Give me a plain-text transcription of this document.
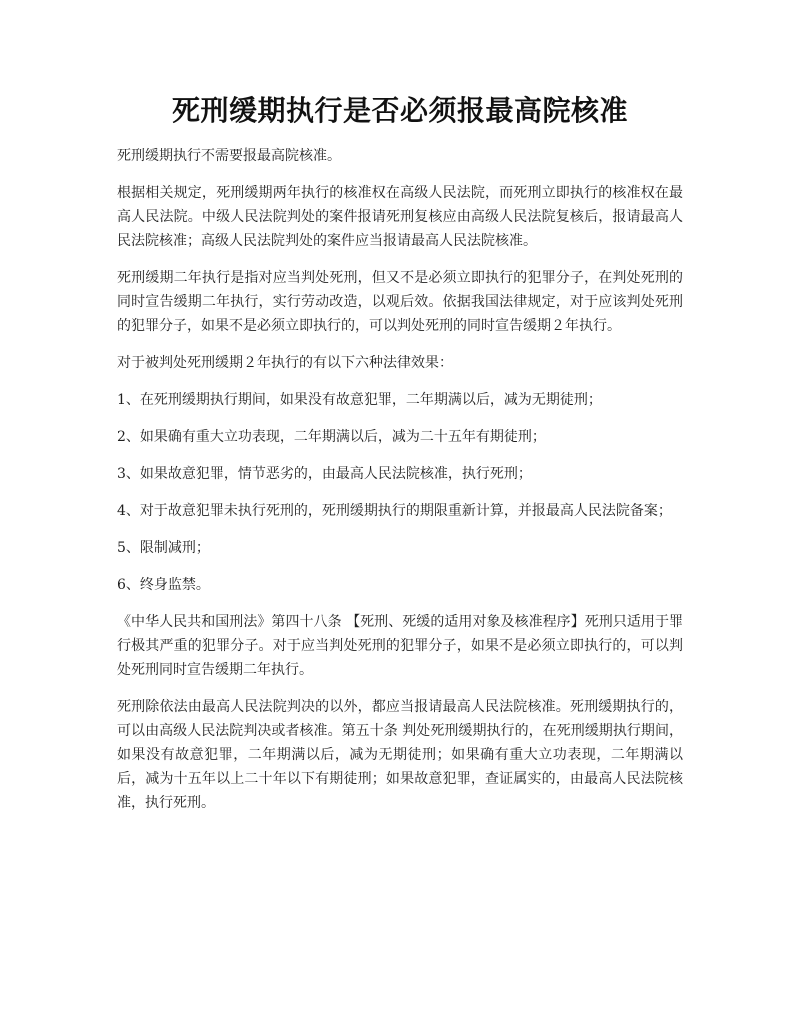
死刑缓期执行是否必须报最高院核准

死刑缓期执行不需要报最高院核准。

根据相关规定，死刑缓期两年执行的核准权在高级人民法院，而死刑立即执行的核准权在最高人民法院。中级人民法院判处的案件报请死刑复核应由高级人民法院复核后，报请最高人民法院核准；高级人民法院判处的案件应当报请最高人民法院核准。

死刑缓期二年执行是指对应当判处死刑，但又不是必须立即执行的犯罪分子，在判处死刑的同时宣告缓期二年执行，实行劳动改造，以观后效。依据我国法律规定，对于应该判处死刑的犯罪分子，如果不是必须立即执行的，可以判处死刑的同时宣告缓期２年执行。

对于被判处死刑缓期２年执行的有以下六种法律效果：

1、在死刑缓期执行期间，如果没有故意犯罪，二年期满以后，减为无期徒刑；

2、如果确有重大立功表现，二年期满以后，减为二十五年有期徒刑；

3、如果故意犯罪，情节恶劣的，由最高人民法院核准，执行死刑；

4、对于故意犯罪未执行死刑的，死刑缓期执行的期限重新计算，并报最高人民法院备案；

5、限制减刑；

6、终身监禁。

《中华人民共和国刑法》第四十八条 【死刑、死缓的适用对象及核准程序】死刑只适用于罪行极其严重的犯罪分子。对于应当判处死刑的犯罪分子，如果不是必须立即执行的，可以判处死刑同时宣告缓期二年执行。

死刑除依法由最高人民法院判决的以外，都应当报请最高人民法院核准。死刑缓期执行的，可以由高级人民法院判决或者核准。第五十条 判处死刑缓期执行的，在死刑缓期执行期间，如果没有故意犯罪，二年期满以后，减为无期徒刑；如果确有重大立功表现，二年期满以后，减为十五年以上二十年以下有期徒刑；如果故意犯罪，查证属实的，由最高人民法院核准，执行死刑。
